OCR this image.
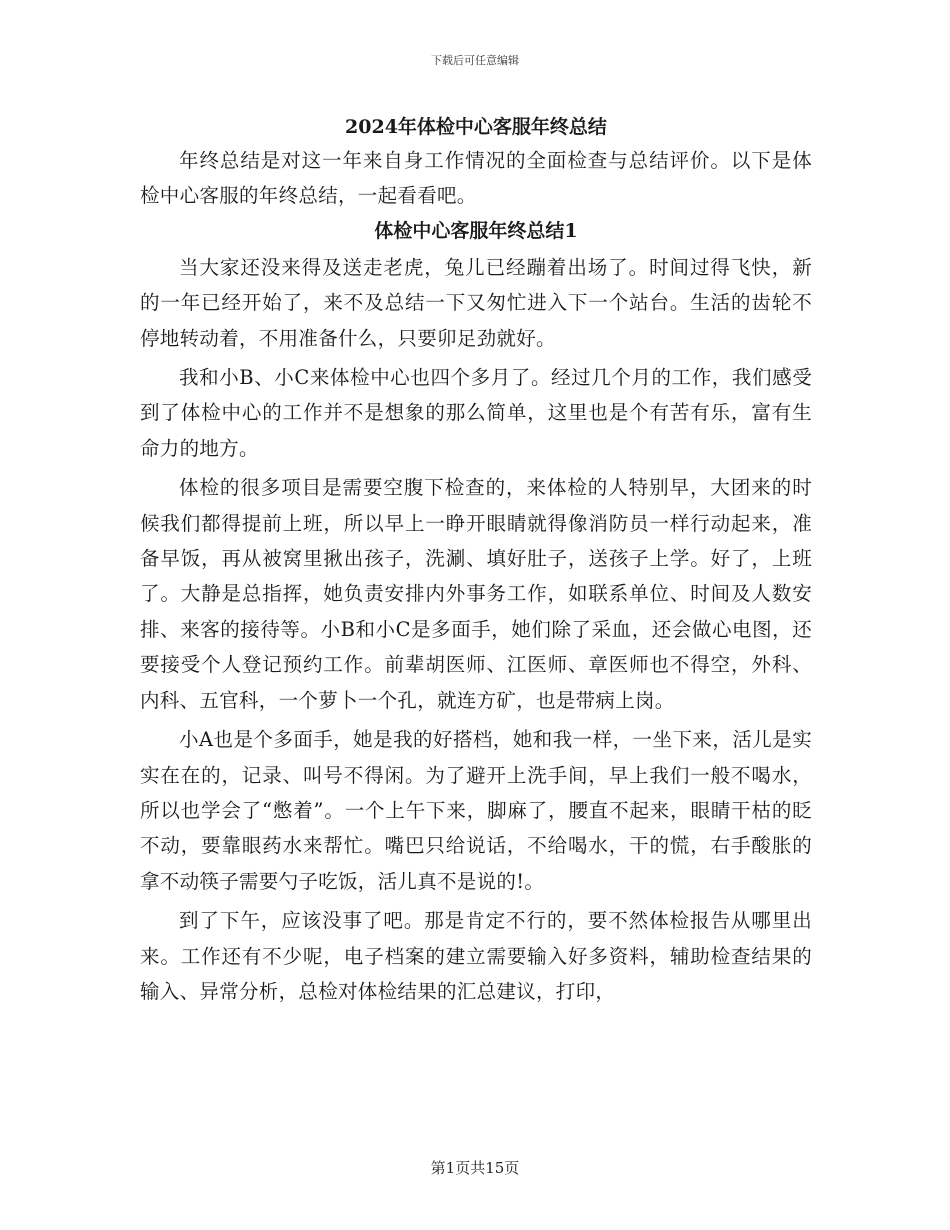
下载后可任意编辑
2024年体检中心客服年终总结

年终总结是对这一年来自身工作情况的全面检查与总结评价。以下是体检中心客服的年终总结，一起看看吧。

体检中心客服年终总结1

当大家还没来得及送走老虎，兔儿已经蹦着出场了。时间过得飞快，新的一年已经开始了，来不及总结一下又匆忙进入下一个站台。生活的齿轮不停地转动着，不用准备什么，只要卯足劲就好。

我和小B、小C来体检中心也四个多月了。经过几个月的工作，我们感受到了体检中心的工作并不是想象的那么简单，这里也是个有苦有乐，富有生命力的地方。

体检的很多项目是需要空腹下检查的，来体检的人特别早，大团来的时候我们都得提前上班，所以早上一睁开眼睛就得像消防员一样行动起来，准备早饭，再从被窝里揪出孩子，洗涮、填好肚子，送孩子上学。好了，上班了。大静是总指挥，她负责安排内外事务工作，如联系单位、时间及人数安排、来客的接待等。小B和小C是多面手，她们除了采血，还会做心电图，还要接受个人登记预约工作。前辈胡医师、江医师、章医师也不得空，外科、内科、五官科，一个萝卜一个孔，就连方矿，也是带病上岗。

小A也是个多面手，她是我的好搭档，她和我一样，一坐下来，活儿是实实在在的，记录、叫号不得闲。为了避开上洗手间，早上我们一般不喝水，所以也学会了“憋着”。一个上午下来，脚麻了，腰直不起来，眼睛干枯的眨不动，要靠眼药水来帮忙。嘴巴只给说话，不给喝水，干的慌，右手酸胀的拿不动筷子需要勺子吃饭，活儿真不是说的!。

到了下午，应该没事了吧。那是肯定不行的，要不然体检报告从哪里出来。工作还有不少呢，电子档案的建立需要输入好多资料，辅助检查结果的输入、异常分析，总检对体检结果的汇总建议，打印，

第1页共15页
